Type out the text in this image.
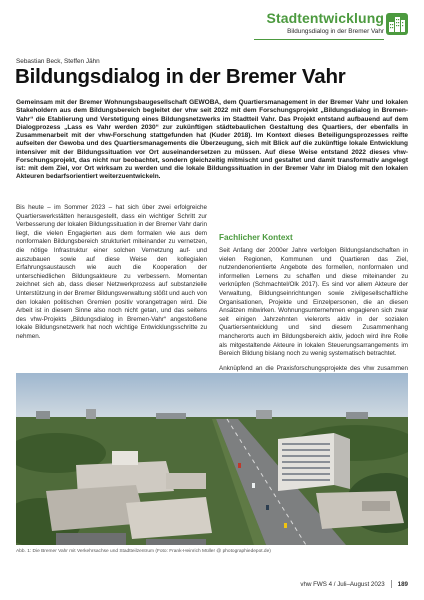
Stadtentwicklung
Bildungsdialog in der Bremer Vahr
Sebastian Beck, Steffen Jähn
Bildungsdialog in der Bremer Vahr
Gemeinsam mit der Bremer Wohnungsbaugesellschaft GEWOBA, dem Quartiersmanagement in der Bremer Vahr und lokalen Stakeholdern aus dem Bildungsbereich begleitet der vhw seit 2022 mit dem Forschungsprojekt „Bildungsdialog in Bremen-Vahr“ die Etablierung und Verstetigung eines Bildungsnetzwerks im Stadtteil Vahr. Das Projekt entstand aufbauend auf dem Dialogprozess „Lass es Vahr werden 2030“ zur zukünftigen städtebaulichen Gestaltung des Quartiers, der ebenfalls in Zusammenarbeit mit der vhw-Forschung stattgefunden hat (Kuder 2018). Im Kontext dieses Beteiligungsprozesses reifte aufseiten der Gewoba und des Quartiersmanagements die Überzeugung, sich mit Blick auf die zukünftige lokale Entwicklung intensiver mit der Bildungssituation vor Ort auseinandersetzen zu müssen. Auf diese Weise entstand 2022 dieses vhw-Forschungsprojekt, das nicht nur beobachtet, sondern gleichzeitig mitmischt und gestaltet und damit transformativ angelegt ist: mit dem Ziel, vor Ort wirksam zu werden und die lokale Bildungssituation in der Bremer Vahr im Dialog mit den lokalen Akteuren bedarfsorientiert weiterzuentwickeln.

Bis heute – im Sommer 2023 – hat sich über zwei erfolgreiche Quartierswerkstätten herausgestellt, dass ein wichtiger Schritt zur Verbesserung der lokalen Bildungssituation in der Bremer Vahr darin liegt, die vielen Engagierten aus dem formalen wie aus dem nonformalen Bildungsbereich strukturiert miteinander zu vernetzen, die nötige Infrastruktur einer solchen Vernetzung auf- und auszubauen sowie auf diese Weise den kollegialen Erfahrungsaustausch wie auch die Kooperation der unterschiedlichen Bildungsakteure zu verbessern. Momentan zeichnet sich ab, dass dieser Netzwerkprozess auf substanzielle Unterstützung in der Bremer Bildungsverwaltung stößt und auch von den lokalen politischen Gremien positiv vorangetragen wird. Die Arbeit ist in diesem Sinne also noch nicht getan, und das seitens des vhw-Projekts „Bildungsdialog in Bremen-Vahr“ angestoßene lokale Bildungsnetzwerk hat noch wichtige Entwicklungsschritte zu nehmen.

Fachlicher Kontext

Seit Anfang der 2000er Jahre verfolgen Bildungslandschaften in vielen Regionen, Kommunen und Quartieren das Ziel, nutzendenorientierte Angebote des formellen, nonformalen und informellen Lernens zu schaffen und diese miteinander zu verknüpfen (Schmachtel/Olk 2017). Es sind vor allem Akteure der Verwaltung, Bildungseinrichtungen sowie zivilgesellschaftliche Organisationen, Projekte und Einzelpersonen, die an diesen Ansätzen mitwirken. Wohnungsunternehmen engagieren sich zwar seit einigen Jahrzehnten vielerorts aktiv in der sozialen Quartiersentwicklung und sind diesem Zusammenhang mancherorts auch im Bildungsbereich aktiv, jedoch wird ihre Rolle als mitgestaltende Akteure in lokalen Steuerungsarrangements im Bereich Bildung bislang noch zu wenig systematisch betrachtet.

Anknüpfend an die Praxisforschungsprojekte des vhw zusammen

Abb. 1: Die Bremer Vahr mit Verkehrsachse und Stadtteilzentrum (Foto: Frank-Heinrich Müller @ photographiedepot.de)
vhw FWS 4 / Juli–August 2023 189
